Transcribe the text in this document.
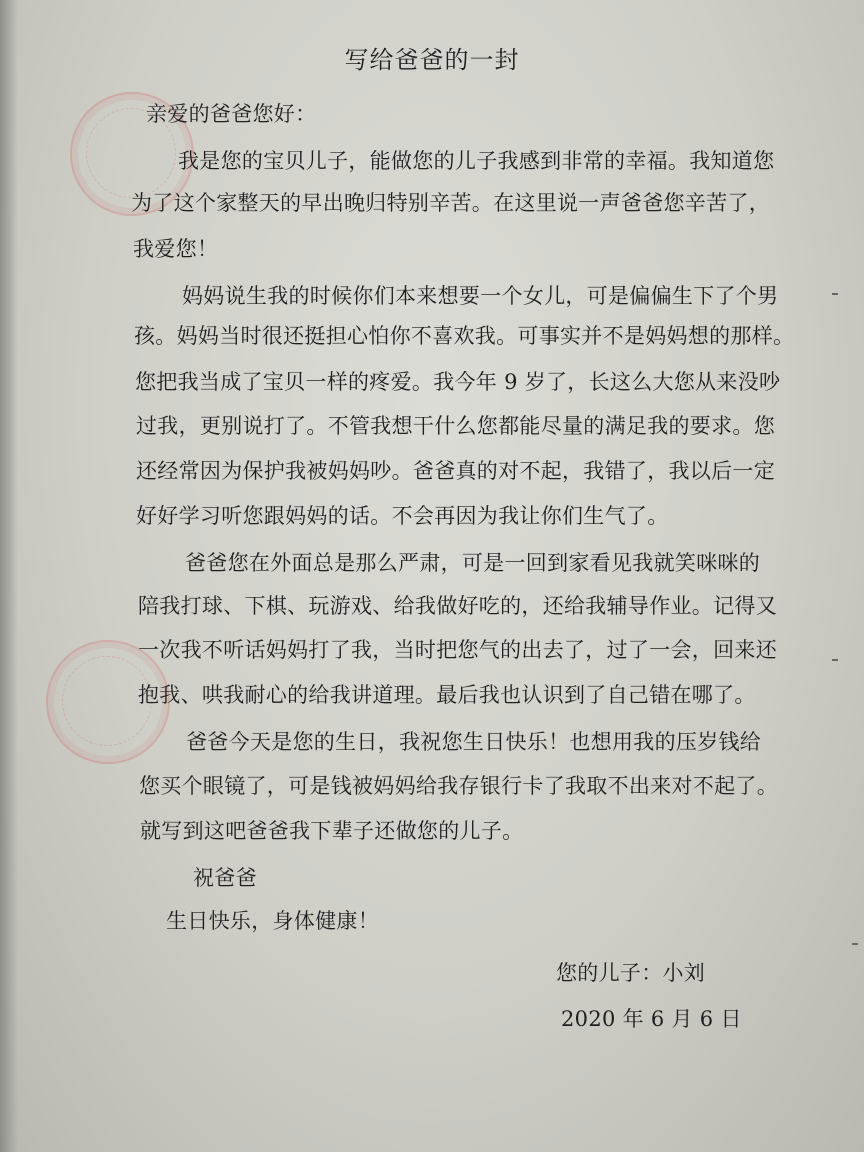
写给爸爸的一封
亲爱的爸爸您好：
我是您的宝贝儿子，能做您的儿子我感到非常的幸福。我知道您
为了这个家整天的早出晚归特别辛苦。在这里说一声爸爸您辛苦了，
我爱您！
妈妈说生我的时候你们本来想要一个女儿，可是偏偏生下了个男
孩。妈妈当时很还挺担心怕你不喜欢我。可事实并不是妈妈想的那样。
您把我当成了宝贝一样的疼爱。我今年 9 岁了，长这么大您从来没吵
过我，更别说打了。不管我想干什么您都能尽量的满足我的要求。您
还经常因为保护我被妈妈吵。爸爸真的对不起，我错了，我以后一定
好好学习听您跟妈妈的话。不会再因为我让你们生气了。
爸爸您在外面总是那么严肃，可是一回到家看见我就笑咪咪的
陪我打球、下棋、玩游戏、给我做好吃的，还给我辅导作业。记得又
一次我不听话妈妈打了我，当时把您气的出去了，过了一会，回来还
抱我、哄我耐心的给我讲道理。最后我也认识到了自己错在哪了。
爸爸今天是您的生日，我祝您生日快乐！也想用我的压岁钱给
您买个眼镜了，可是钱被妈妈给我存银行卡了我取不出来对不起了。
就写到这吧爸爸我下辈子还做您的儿子。
祝爸爸
生日快乐，身体健康！
您的儿子：小刘
2020 年 6 月 6 日
